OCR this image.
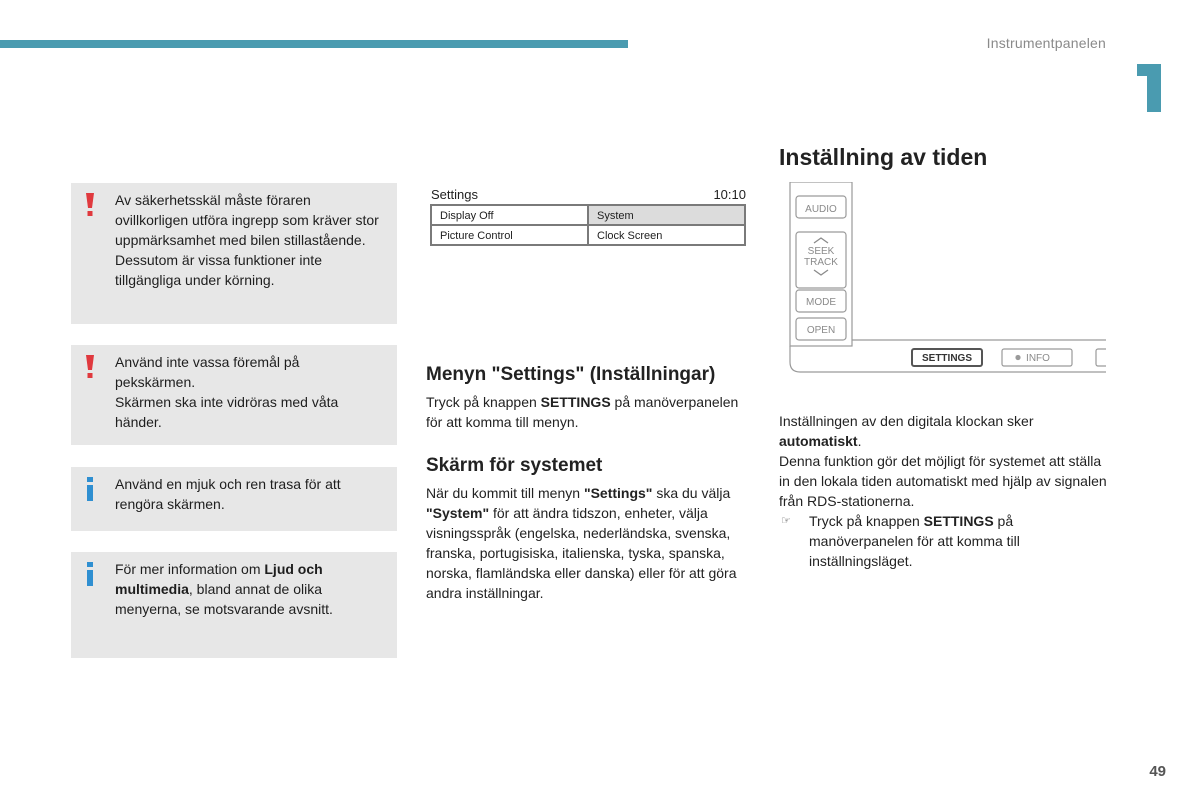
Instrumentpanelen
Av säkerhetsskäl måste föraren ovillkorligen utföra ingrepp som kräver stor uppmärksamhet med bilen stillastående.
Dessutom är vissa funktioner inte tillgängliga under körning.
Använd inte vassa föremål på pekskärmen.
Skärmen ska inte vidröras med våta händer.
Använd en mjuk och ren trasa för att rengöra skärmen.
För mer information om Ljud och multimedia, bland annat de olika menyerna, se motsvarande avsnitt.
Settings	10:10
Display Off	System
Picture Control	Clock Screen
Menyn "Settings" (Inställningar)
Tryck på knappen SETTINGS på manöverpanelen för att komma till menyn.
Skärm för systemet
När du kommit till menyn "Settings" ska du välja "System" för att ändra tidszon, enheter, välja visningsspråk (engelska, nederländska, svenska, franska, portugisiska, italienska, tyska, spanska, norska, flamländska eller danska) eller för att göra andra inställningar.
Inställning av tiden
AUDIO
SEEK
TRACK
MODE
OPEN
SETTINGS	INFO
Inställningen av den digitala klockan sker automatiskt.
Denna funktion gör det möjligt för systemet att ställa in den lokala tiden automatiskt med hjälp av signalen från RDS-stationerna.
☞ Tryck på knappen SETTINGS på manöverpanelen för att komma till inställningsläget.
49
